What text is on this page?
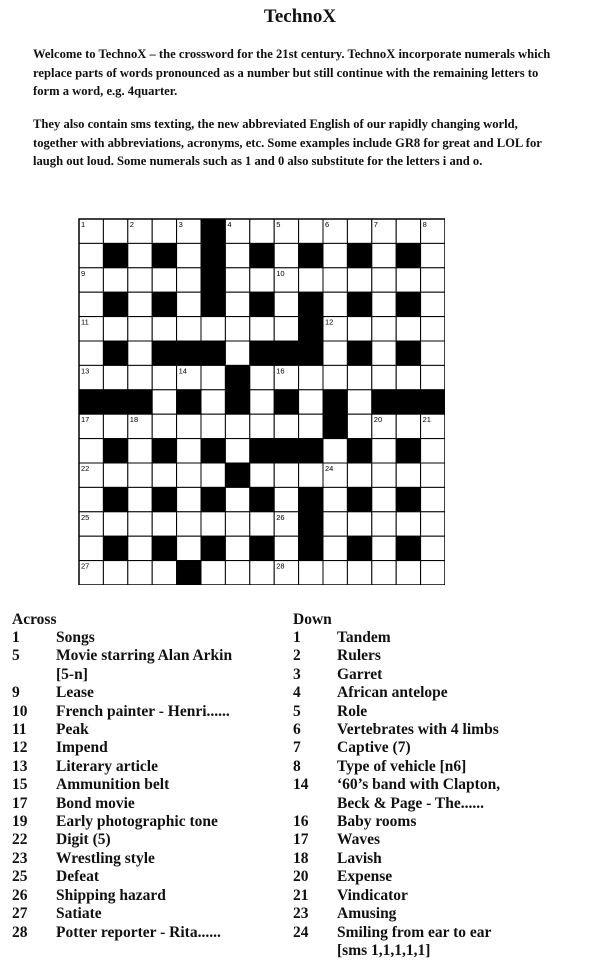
TechnoX

Welcome to TechnoX – the crossword for the 21st century. TechnoX incorporate numerals which replace parts of words pronounced as a number but still continue with the remaining letters to form a word, e.g. 4quarter.

They also contain sms texting, the new abbreviated English of our rapidly changing world, together with abbreviations, acronyms, etc. Some examples include GR8 for great and LOL for laugh out loud. Some numerals such as 1 and 0 also substitute for the letters i and o.

1	2	3	4	5	6	7	8
9	10
11	12
13	14	15	16
17	18	19	20	21
22	23	24
25	26
27	28
Across
1	Songs
5	Movie starring Alan Arkin
[5-n]
9	Lease
10	French painter - Henri......
11	Peak
12	Impend
13	Literary article
15	Ammunition belt
17	Bond movie
19	Early photographic tone
22	Digit (5)
23	Wrestling style
25	Defeat
26	Shipping hazard
27	Satiate
28	Potter reporter - Rita......
Down
1	Tandem
2	Rulers
3	Garret
4	African antelope
5	Role
6	Vertebrates with 4 limbs
7	Captive (7)
8	Type of vehicle [n6]
14	‘60’s band with Clapton,
Beck & Page - The......
16	Baby rooms
17	Waves
18	Lavish
20	Expense
21	Vindicator
23	Amusing
24	Smiling from ear to ear
[sms 1,1,1,1,1]
